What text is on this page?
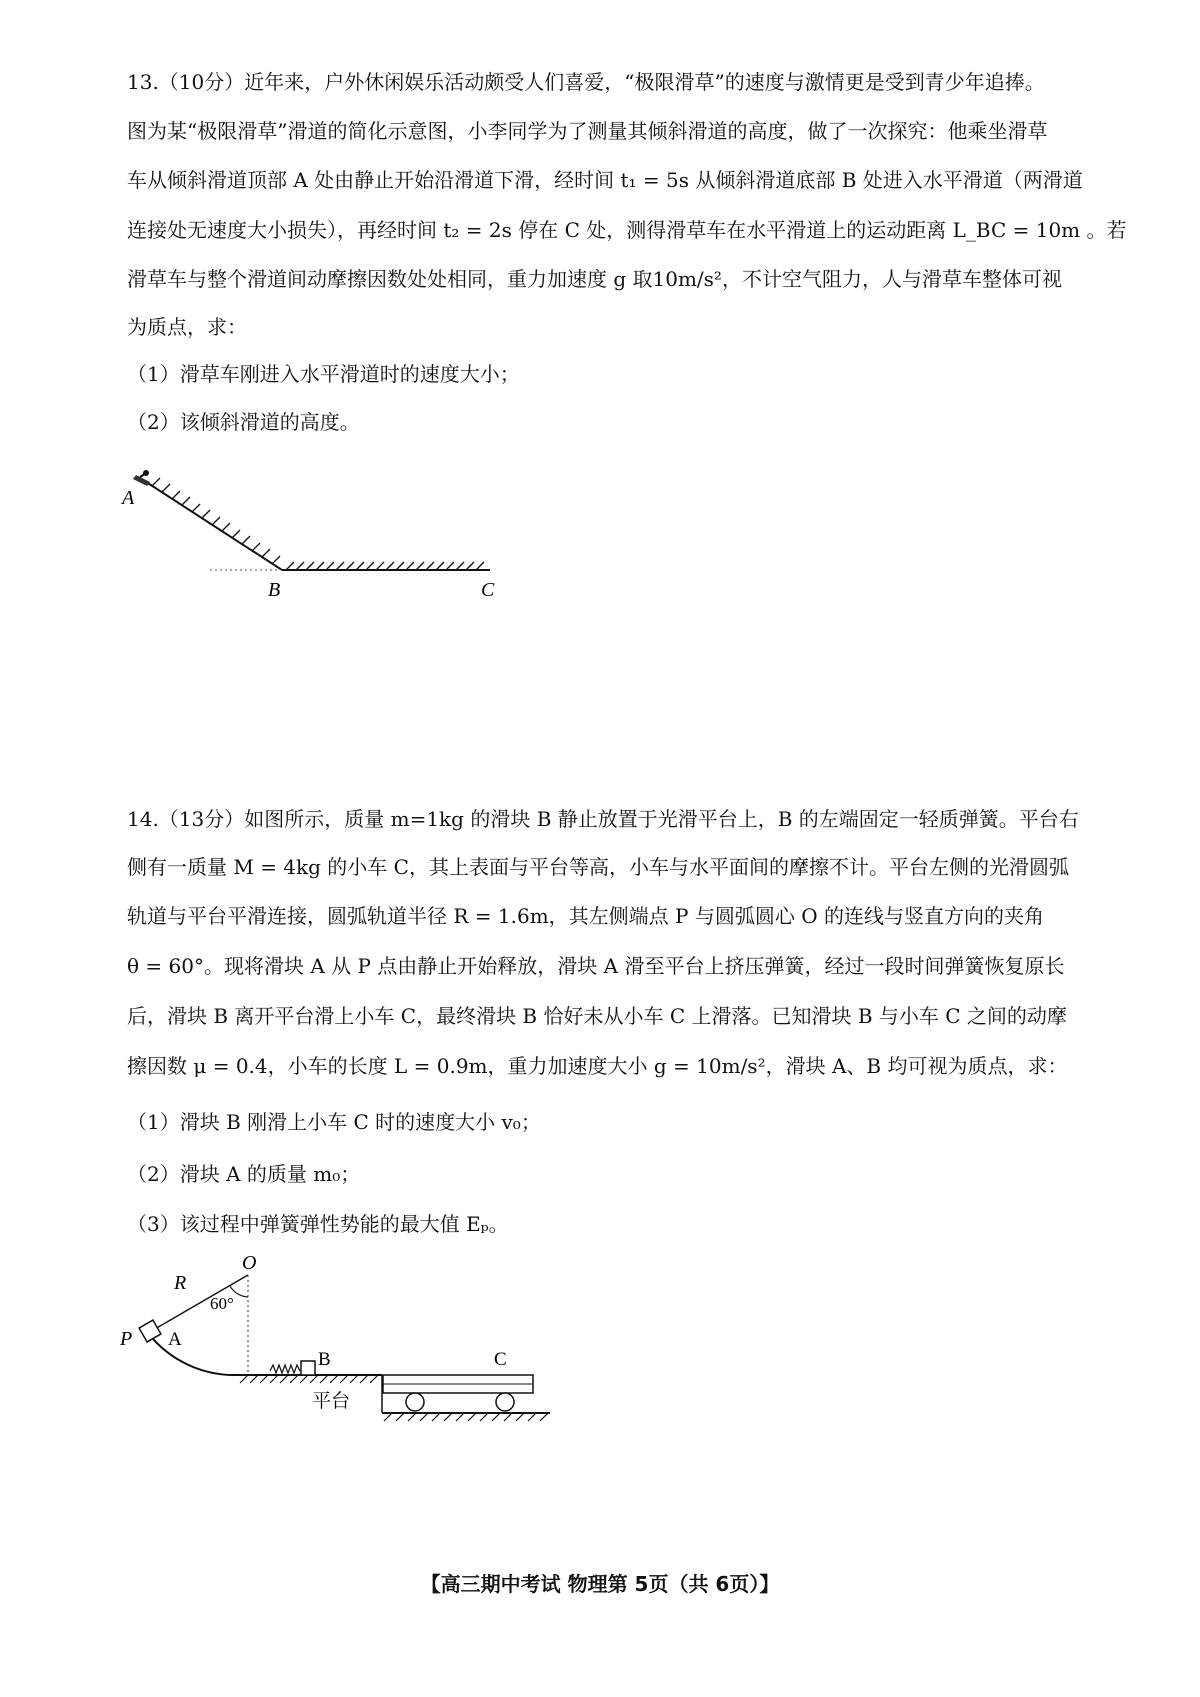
13.（10分）近年来，户外休闲娱乐活动颇受人们喜爱，“极限滑草”的速度与激情更是受到青少年追捧。
图为某“极限滑草”滑道的简化示意图，小李同学为了测量其倾斜滑道的高度，做了一次探究：他乘坐滑草
车从倾斜滑道顶部 A 处由静止开始沿滑道下滑，经时间 t₁ = 5s 从倾斜滑道底部 B 处进入水平滑道（两滑道
连接处无速度大小损失），再经时间 t₂ = 2s 停在 C 处，测得滑草车在水平滑道上的运动距离 L_BC = 10m 。若
滑草车与整个滑道间动摩擦因数处处相同，重力加速度 g 取10m/s²，不计空气阻力，人与滑草车整体可视
为质点，求：
（1）滑草车刚进入水平滑道时的速度大小；
（2）该倾斜滑道的高度。
A
B	C
14.（13分）如图所示，质量 m=1kg 的滑块 B 静止放置于光滑平台上，B 的左端固定一轻质弹簧。平台右
侧有一质量 M = 4kg 的小车 C，其上表面与平台等高，小车与水平面间的摩擦不计。平台左侧的光滑圆弧
轨道与平台平滑连接，圆弧轨道半径 R = 1.6m，其左侧端点 P 与圆弧圆心 O 的连线与竖直方向的夹角
θ = 60°。现将滑块 A 从 P 点由静止开始释放，滑块 A 滑至平台上挤压弹簧，经过一段时间弹簧恢复原长
后，滑块 B 离开平台滑上小车 C，最终滑块 B 恰好未从小车 C 上滑落。已知滑块 B 与小车 C 之间的动摩
擦因数 μ = 0.4，小车的长度 L = 0.9m，重力加速度大小 g = 10m/s²，滑块 A、B 均可视为质点，求：
（1）滑块 B 刚滑上小车 C 时的速度大小 v₀；
（2）滑块 A 的质量 m₀；
（3）该过程中弹簧弹性势能的最大值 Eₚ。
O
R
60°
P A
B	C
平台
【高三期中考试 物理第 5页（共 6页）】
